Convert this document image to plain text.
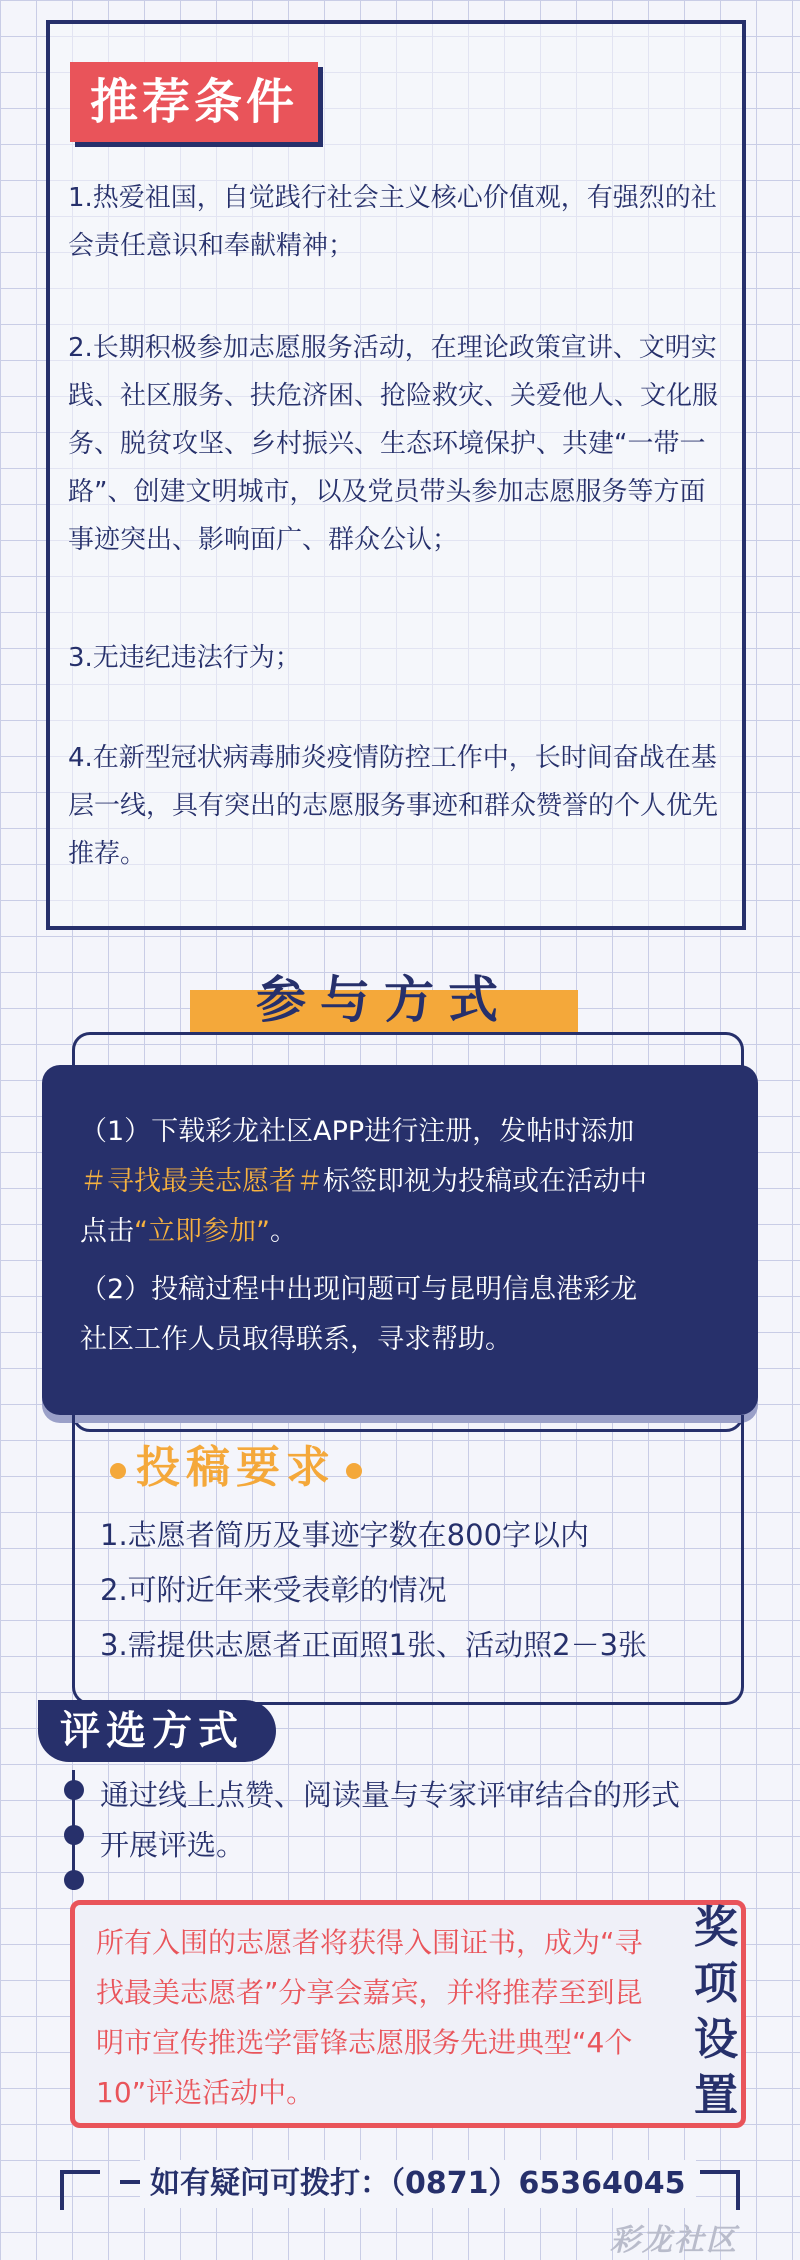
推荐条件
1.热爱祖国，自觉践行社会主义核心价值观，有强烈的社会责任意识和奉献精神；
2.长期积极参加志愿服务活动，在理论政策宣讲、文明实践、社区服务、扶危济困、抢险救灾、关爱他人、文化服务、脱贫攻坚、乡村振兴、生态环境保护、共建“一带一路”、创建文明城市，以及党员带头参加志愿服务等方面事迹突出、影响面广、群众公认；
3.无违纪违法行为；
4.在新型冠状病毒肺炎疫情防控工作中，长时间奋战在基层一线，具有突出的志愿服务事迹和群众赞誉的个人优先推荐。
参与方式
（1）下载彩龙社区APP进行注册，发帖时添加
＃寻找最美志愿者＃标签即视为投稿或在活动中
点击“立即参加”。
（2）投稿过程中出现问题可与昆明信息港彩龙
社区工作人员取得联系，寻求帮助。
投稿要求
1.志愿者简历及事迹字数在800字以内
2.可附近年来受表彰的情况
3.需提供志愿者正面照1张、活动照2－3张
评选方式
通过线上点赞、阅读量与专家评审结合的形式
开展评选。
所有入围的志愿者将获得入围证书，成为“寻找最美志愿者”分享会嘉宾，并将推荐至到昆明市宣传推选学雷锋志愿服务先进典型“4个10”评选活动中。
奖
项
设
置
如有疑问可拨打：（0871）65364045
彩龙社区
